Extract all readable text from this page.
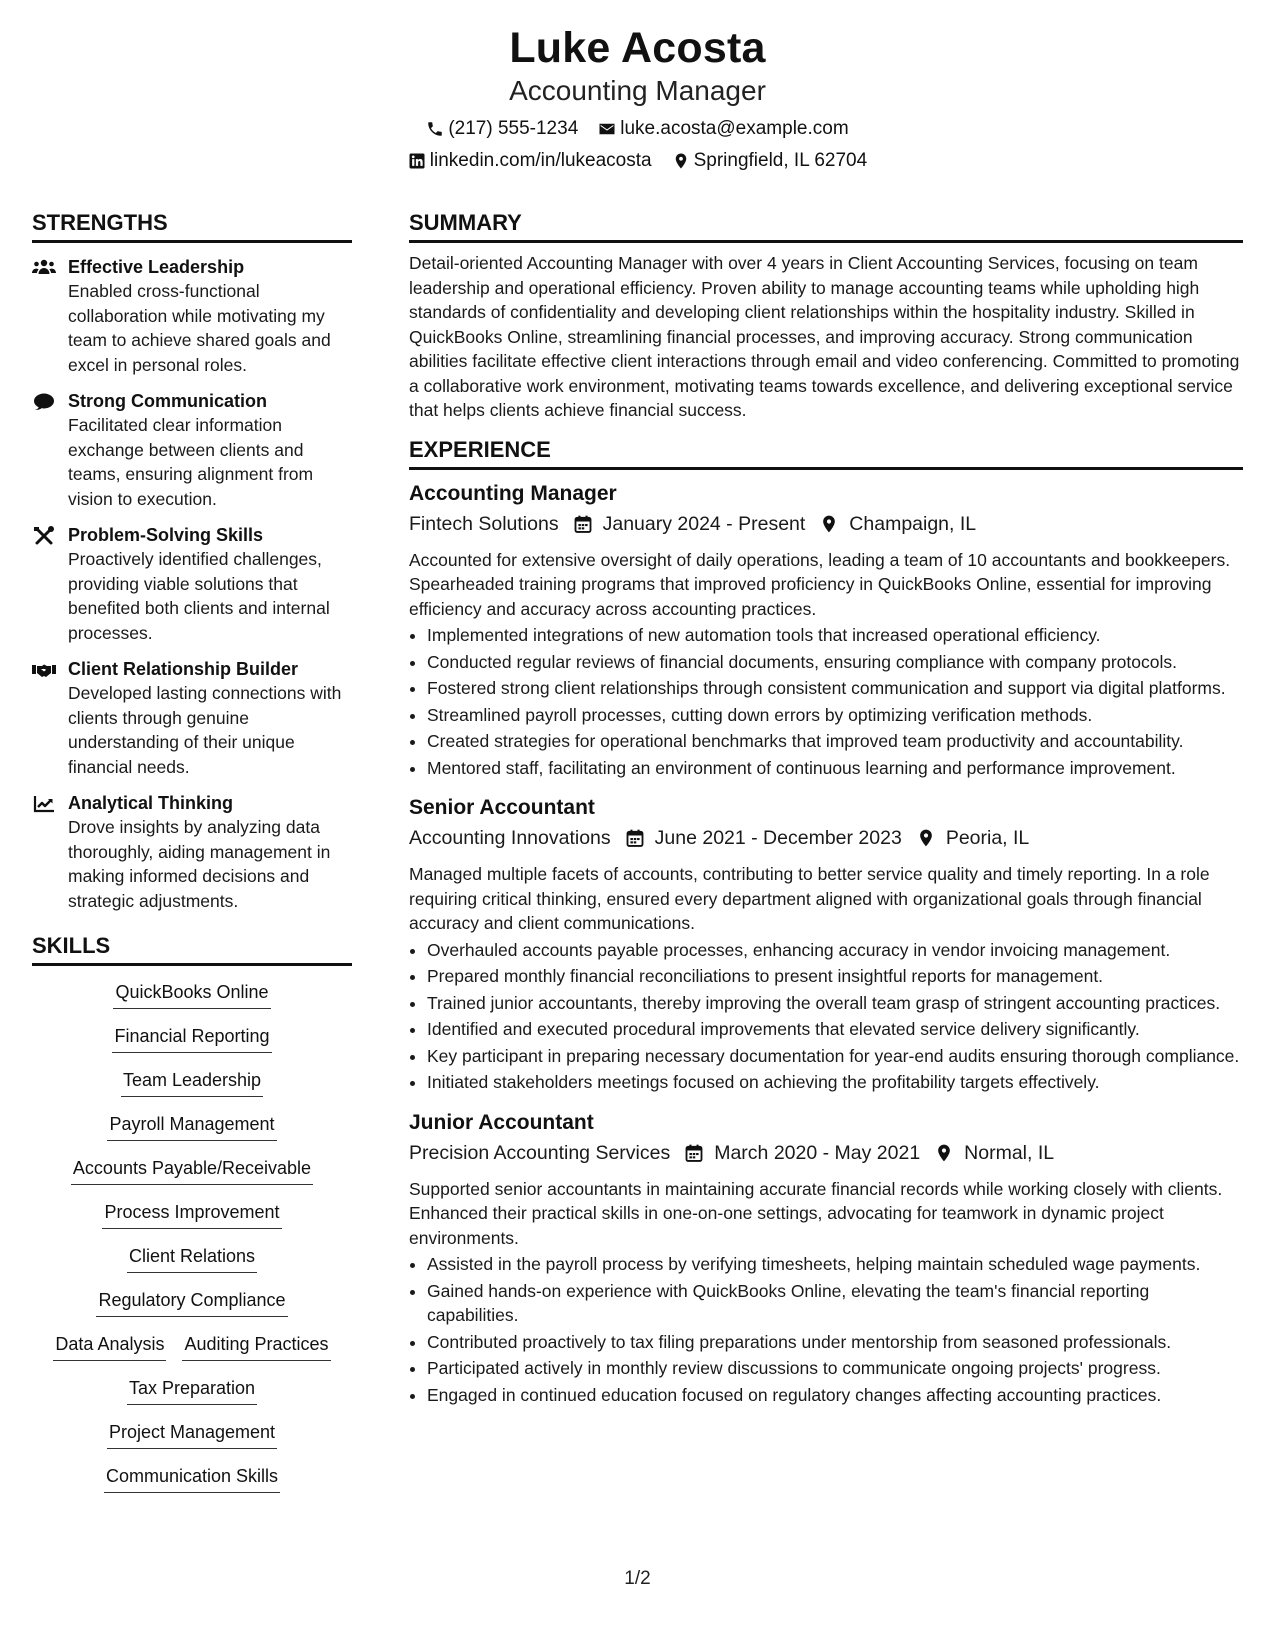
Luke Acosta
Accounting Manager
(217) 555-1234 luke.acosta@example.com
linkedin.com/in/lukeacosta Springfield, IL 62704
STRENGTHS
Effective Leadership
Enabled cross-functional collaboration while motivating my team to achieve shared goals and excel in personal roles.
Strong Communication
Facilitated clear information exchange between clients and teams, ensuring alignment from vision to execution.
Problem-Solving Skills
Proactively identified challenges, providing viable solutions that benefited both clients and internal processes.
Client Relationship Builder
Developed lasting connections with clients through genuine understanding of their unique financial needs.
Analytical Thinking
Drove insights by analyzing data thoroughly, aiding management in making informed decisions and strategic adjustments.
SKILLS
QuickBooks Online
Financial Reporting
Team Leadership
Payroll Management
Accounts Payable/Receivable
Process Improvement
Client Relations
Regulatory Compliance
Data Analysis Auditing Practices
Tax Preparation
Project Management
Communication Skills
SUMMARY
Detail-oriented Accounting Manager with over 4 years in Client Accounting Services, focusing on team leadership and operational efficiency. Proven ability to manage accounting teams while upholding high standards of confidentiality and developing client relationships within the hospitality industry. Skilled in QuickBooks Online, streamlining financial processes, and improving accuracy. Strong communication abilities facilitate effective client interactions through email and video conferencing. Committed to promoting a collaborative work environment, motivating teams towards excellence, and delivering exceptional service that helps clients achieve financial success.
EXPERIENCE
Accounting Manager
Fintech Solutions January 2024 - Present Champaign, IL
Accounted for extensive oversight of daily operations, leading a team of 10 accountants and bookkeepers. Spearheaded training programs that improved proficiency in QuickBooks Online, essential for improving efficiency and accuracy across accounting practices.
• Implemented integrations of new automation tools that increased operational efficiency.
• Conducted regular reviews of financial documents, ensuring compliance with company protocols.
• Fostered strong client relationships through consistent communication and support via digital platforms.
• Streamlined payroll processes, cutting down errors by optimizing verification methods.
• Created strategies for operational benchmarks that improved team productivity and accountability.
• Mentored staff, facilitating an environment of continuous learning and performance improvement.
Senior Accountant
Accounting Innovations June 2021 - December 2023 Peoria, IL
Managed multiple facets of accounts, contributing to better service quality and timely reporting. In a role requiring critical thinking, ensured every department aligned with organizational goals through financial accuracy and client communications.
• Overhauled accounts payable processes, enhancing accuracy in vendor invoicing management.
• Prepared monthly financial reconciliations to present insightful reports for management.
• Trained junior accountants, thereby improving the overall team grasp of stringent accounting practices.
• Identified and executed procedural improvements that elevated service delivery significantly.
• Key participant in preparing necessary documentation for year-end audits ensuring thorough compliance.
• Initiated stakeholders meetings focused on achieving the profitability targets effectively.
Junior Accountant
Precision Accounting Services March 2020 - May 2021 Normal, IL
Supported senior accountants in maintaining accurate financial records while working closely with clients. Enhanced their practical skills in one-on-one settings, advocating for teamwork in dynamic project environments.
• Assisted in the payroll process by verifying timesheets, helping maintain scheduled wage payments.
• Gained hands-on experience with QuickBooks Online, elevating the team's financial reporting capabilities.
• Contributed proactively to tax filing preparations under mentorship from seasoned professionals.
• Participated actively in monthly review discussions to communicate ongoing projects' progress.
• Engaged in continued education focused on regulatory changes affecting accounting practices.
1/2
